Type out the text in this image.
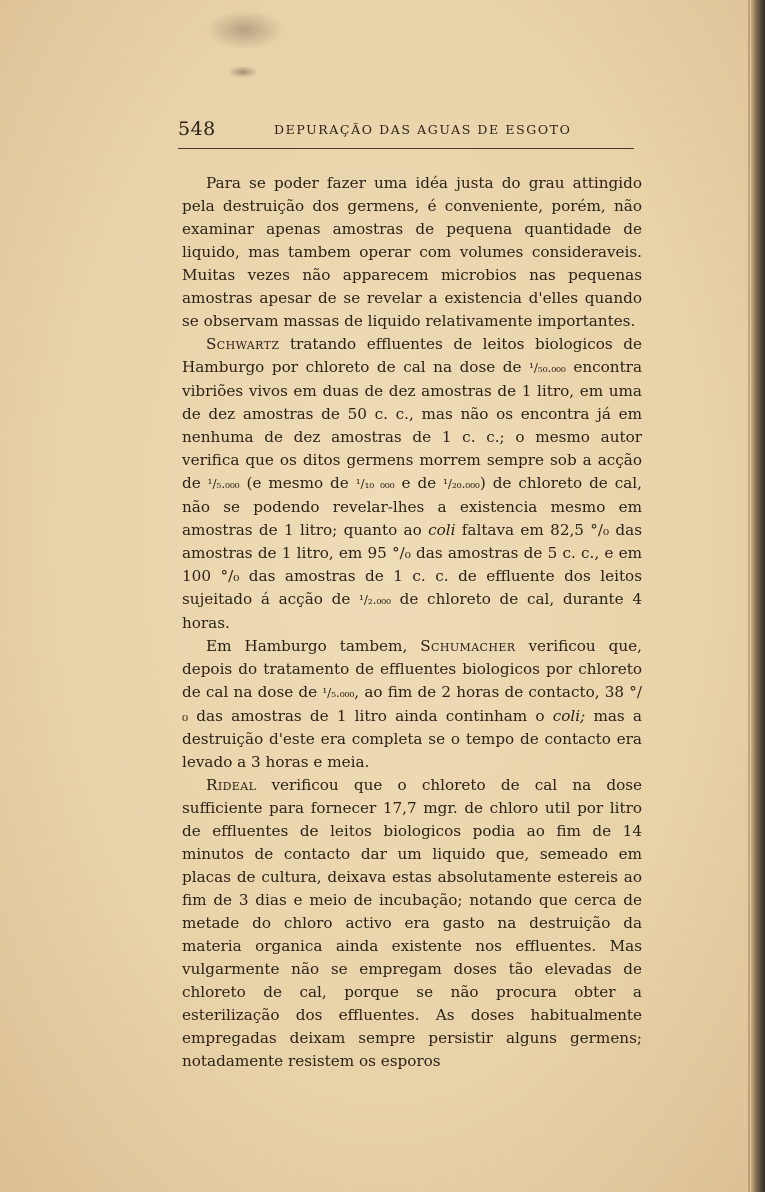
548	DEPURAÇÃO DAS AGUAS DE ESGOTO

Para se poder fazer uma idéa justa do grau attingido pela destruição dos germens, é conveniente, porém, não examinar apenas amostras de pequena quantidade de liquido, mas tambem operar com volumes consideraveis. Muitas vezes não apparecem microbios nas pequenas amostras apesar de se revelar a existencia d'elles quando se observam massas de liquido relativamente importantes.

Schwartz tratando effluentes de leitos biologicos de Hamburgo por chloreto de cal na dose de ¹/₅₀.₀₀₀ encontra vibriões vivos em duas de dez amostras de 1 litro, em uma de dez amostras de 50 c. c., mas não os encontra já em nenhuma de dez amostras de 1 c. c.; o mesmo autor verifica que os ditos germens morrem sempre sob a acção de ¹/₅.₀₀₀ (e mesmo de ¹/₁₀ ₀₀₀ e de ¹/₂₀.₀₀₀) de chloreto de cal, não se podendo revelar-lhes a existencia mesmo em amostras de 1 litro; quanto ao coli faltava em 82,5 °/₀ das amostras de 1 litro, em 95 °/₀ das amostras de 5 c. c., e em 100 °/₀ das amostras de 1 c. c. de effluente dos leitos sujeitado á acção de ¹/₂.₀₀₀ de chloreto de cal, durante 4 horas.

Em Hamburgo tambem, Schumacher verificou que, depois do tratamento de effluentes biologicos por chloreto de cal na dose de ¹/₅.₀₀₀, ao fim de 2 horas de contacto, 38 °/₀ das amostras de 1 litro ainda continham o coli; mas a destruição d'este era completa se o tempo de contacto era levado a 3 horas e meia.

Rideal verificou que o chloreto de cal na dose sufficiente para fornecer 17,7 mgr. de chloro util por litro de effluentes de leitos biologicos podia ao fim de 14 minutos de contacto dar um liquido que, semeado em placas de cultura, deixava estas absolutamente estereis ao fim de 3 dias e meio de incubação; notando que cerca de metade do chloro activo era gasto na destruição da materia organica ainda existente nos effluentes. Mas vulgarmente não se empregam doses tão elevadas de chloreto de cal, porque se não procura obter a esterilização dos effluentes. As doses habitualmente empregadas deixam sempre persistir alguns germens; notadamente resistem os esporos
